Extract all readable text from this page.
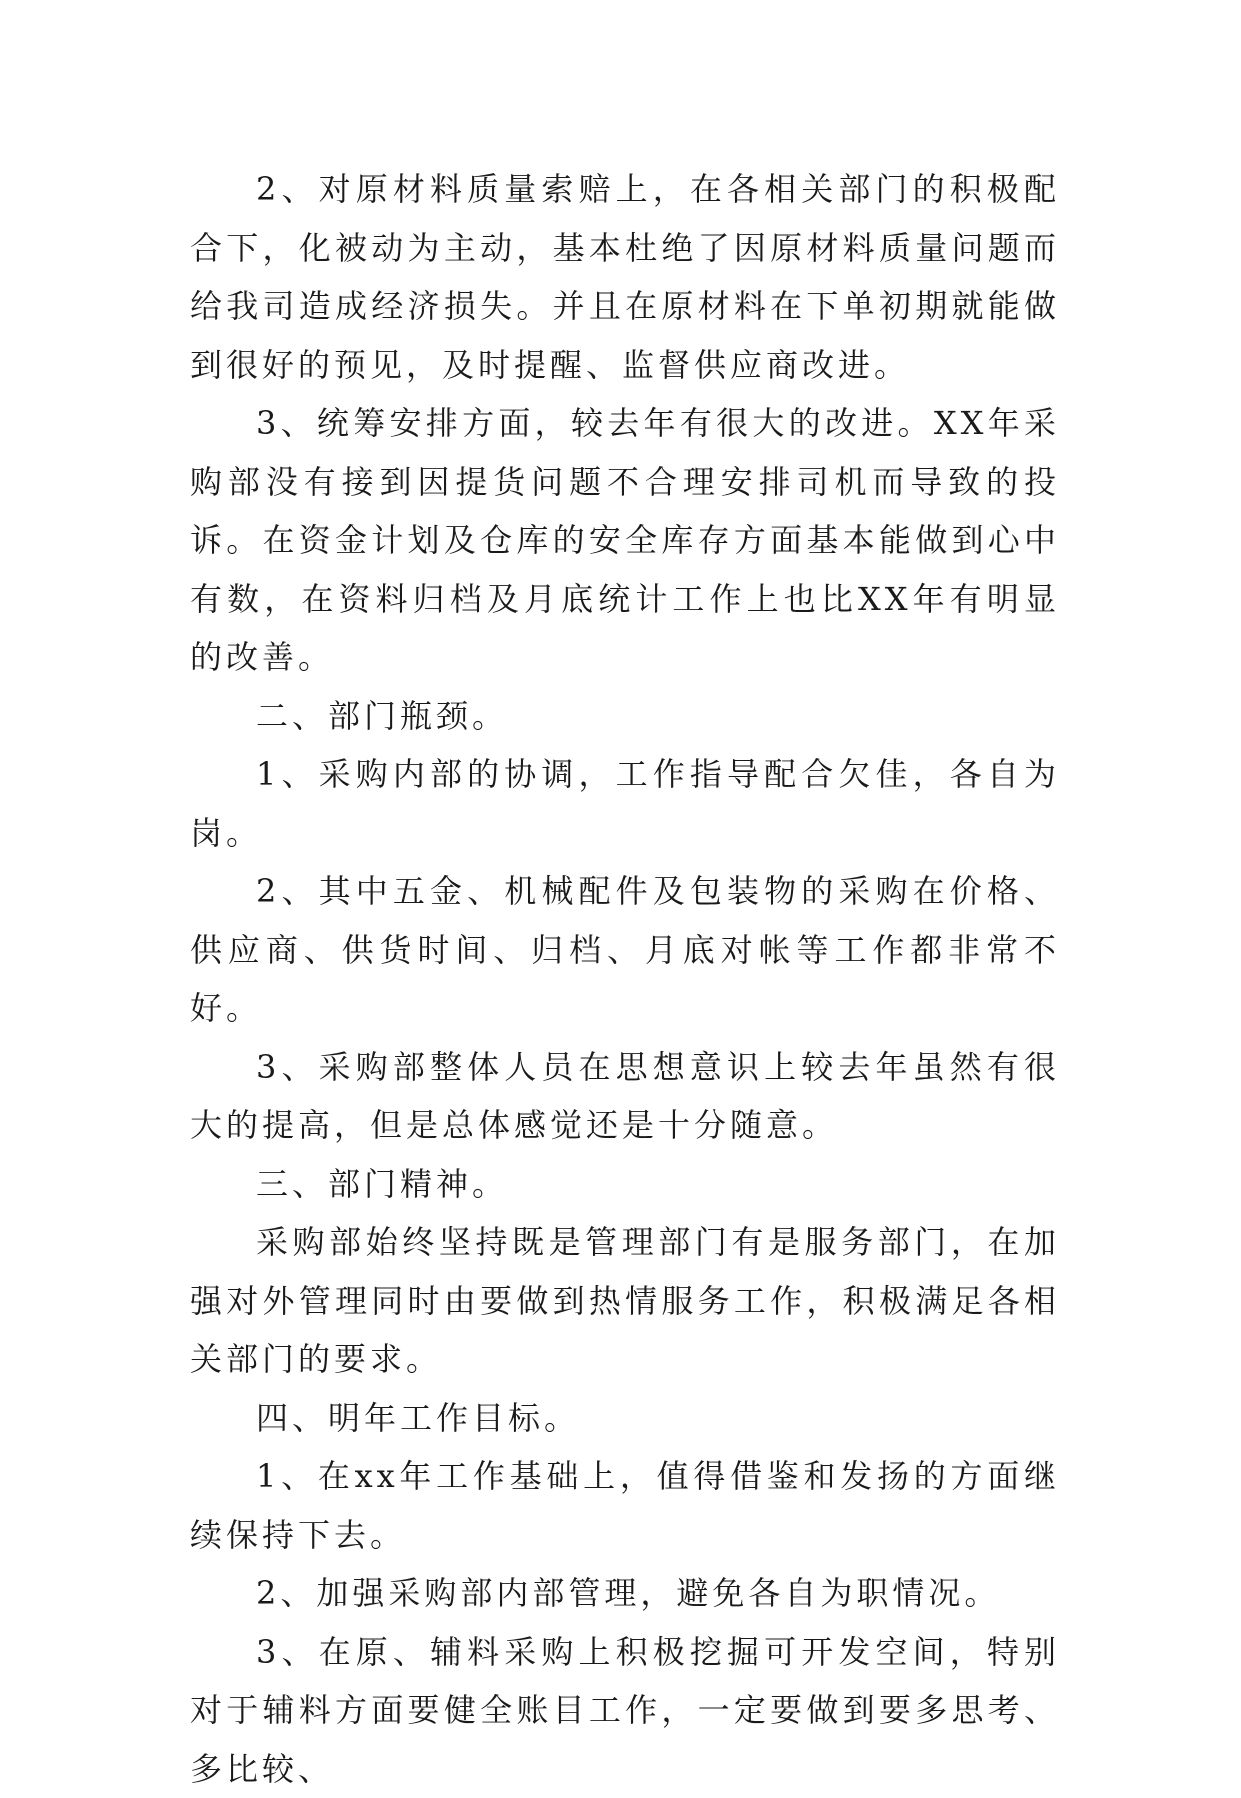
2、对原材料质量索赔上，在各相关部门的积极配合下，化被动为主动，基本杜绝了因原材料质量问题而给我司造成经济损失。并且在原材料在下单初期就能做到很好的预见，及时提醒、监督供应商改进。

3、统筹安排方面，较去年有很大的改进。XX年采购部没有接到因提货问题不合理安排司机而导致的投诉。在资金计划及仓库的安全库存方面基本能做到心中有数，在资料归档及月底统计工作上也比XX年有明显的改善。

二、部门瓶颈。

1、采购内部的协调，工作指导配合欠佳，各自为岗。

2、其中五金、机械配件及包装物的采购在价格、供应商、供货时间、归档、月底对帐等工作都非常不好。

3、采购部整体人员在思想意识上较去年虽然有很大的提高，但是总体感觉还是十分随意。

三、部门精神。

采购部始终坚持既是管理部门有是服务部门，在加强对外管理同时由要做到热情服务工作，积极满足各相关部门的要求。

四、明年工作目标。

1、在xx年工作基础上，值得借鉴和发扬的方面继续保持下去。

2、加强采购部内部管理，避免各自为职情况。

3、在原、辅料采购上积极挖掘可开发空间，特别对于辅料方面要健全账目工作，一定要做到要多思考、多比较、
